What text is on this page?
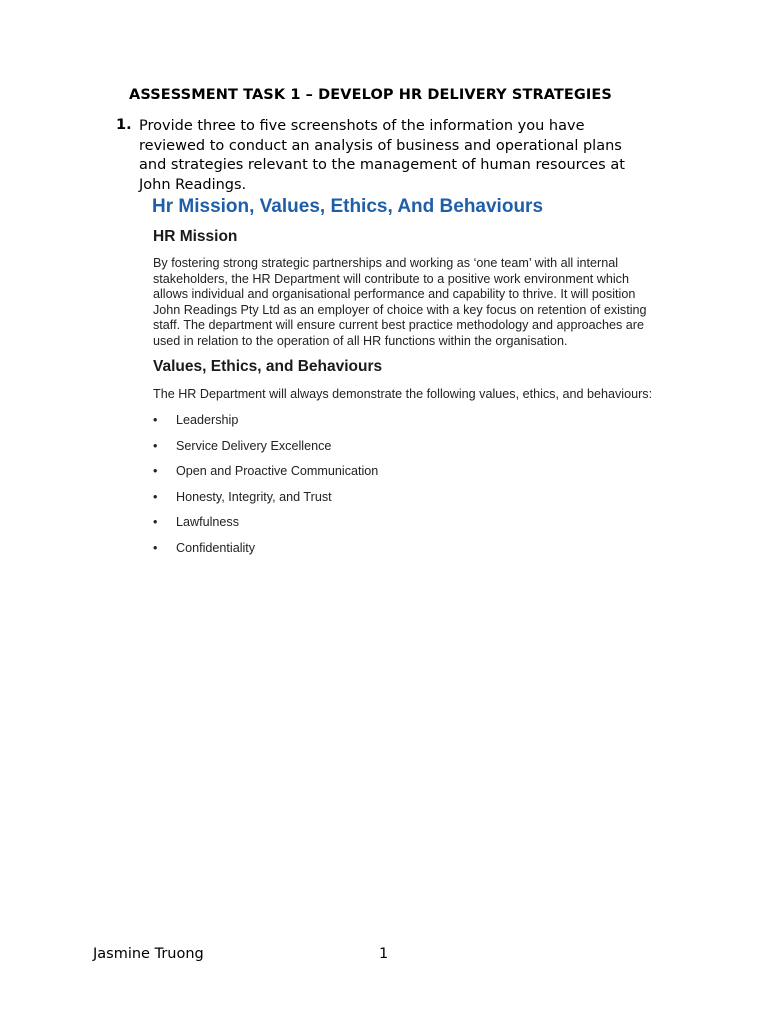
ASSESSMENT TASK 1 – DEVELOP HR DELIVERY STRATEGIES
1. Provide three to five screenshots of the information you have
reviewed to conduct an analysis of business and operational plans
and strategies relevant to the management of human resources at
John Readings.
Hr Mission, Values, Ethics, And Behaviours
HR Mission
By fostering strong strategic partnerships and working as ‘one team’ with all internal
stakeholders, the HR Department will contribute to a positive work environment which
allows individual and organisational performance and capability to thrive. It will position
John Readings Pty Ltd as an employer of choice with a key focus on retention of existing
staff. The department will ensure current best practice methodology and approaches are
used in relation to the operation of all HR functions within the organisation.
Values, Ethics, and Behaviours
The HR Department will always demonstrate the following values, ethics, and behaviours:
• Leadership
• Service Delivery Excellence
• Open and Proactive Communication
• Honesty, Integrity, and Trust
• Lawfulness
• Confidentiality
Jasmine Truong	1
